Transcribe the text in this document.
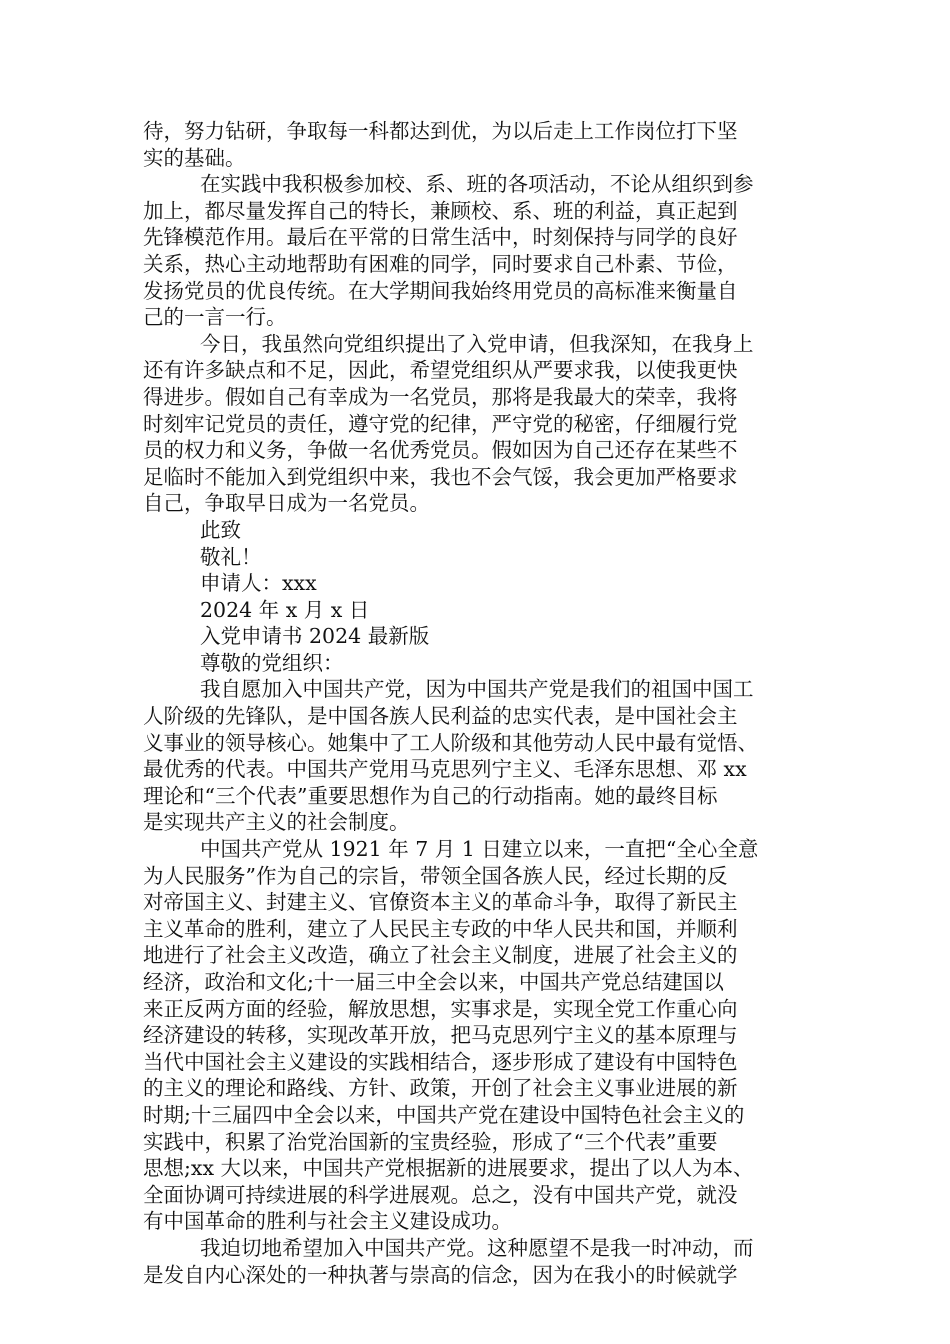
待，努力钻研，争取每一科都达到优，为以后走上工作岗位打下坚
实的基础。
在实践中我积极参加校、系、班的各项活动，不论从组织到参
加上，都尽量发挥自己的特长，兼顾校、系、班的利益，真正起到
先锋模范作用。最后在平常的日常生活中，时刻保持与同学的良好
关系，热心主动地帮助有困难的同学，同时要求自己朴素、节俭，
发扬党员的优良传统。在大学期间我始终用党员的高标准来衡量自
己的一言一行。
今日，我虽然向党组织提出了入党申请，但我深知，在我身上
还有许多缺点和不足，因此，希望党组织从严要求我，以使我更快
得进步。假如自己有幸成为一名党员，那将是我最大的荣幸，我将
时刻牢记党员的责任，遵守党的纪律，严守党的秘密，仔细履行党
员的权力和义务，争做一名优秀党员。假如因为自己还存在某些不
足临时不能加入到党组织中来，我也不会气馁，我会更加严格要求
自己，争取早日成为一名党员。
此致
敬礼！
申请人：xxx
2024 年 x 月 x 日
入党申请书 2024 最新版
尊敬的党组织：
我自愿加入中国共产党，因为中国共产党是我们的祖国中国工
人阶级的先锋队，是中国各族人民利益的忠实代表，是中国社会主
义事业的领导核心。她集中了工人阶级和其他劳动人民中最有觉悟、
最优秀的代表。中国共产党用马克思列宁主义、毛泽东思想、邓 xx
理论和“三个代表”重要思想作为自己的行动指南。她的最终目标
是实现共产主义的社会制度。
中国共产党从 1921 年 7 月 1 日建立以来，一直把“全心全意
为人民服务”作为自己的宗旨，带领全国各族人民，经过长期的反
对帝国主义、封建主义、官僚资本主义的革命斗争，取得了新民主
主义革命的胜利，建立了人民民主专政的中华人民共和国，并顺利
地进行了社会主义改造，确立了社会主义制度，进展了社会主义的
经济，政治和文化;十一届三中全会以来，中国共产党总结建国以
来正反两方面的经验，解放思想，实事求是，实现全党工作重心向
经济建设的转移，实现改革开放，把马克思列宁主义的基本原理与
当代中国社会主义建设的实践相结合，逐步形成了建设有中国特色
的主义的理论和路线、方针、政策，开创了社会主义事业进展的新
时期;十三届四中全会以来，中国共产党在建设中国特色社会主义的
实践中，积累了治党治国新的宝贵经验，形成了“三个代表”重要
思想;xx 大以来，中国共产党根据新的进展要求，提出了以人为本、
全面协调可持续进展的科学进展观。总之，没有中国共产党，就没
有中国革命的胜利与社会主义建设成功。
我迫切地希望加入中国共产党。这种愿望不是我一时冲动，而
是发自内心深处的一种执著与崇高的信念，因为在我小的时候就学
